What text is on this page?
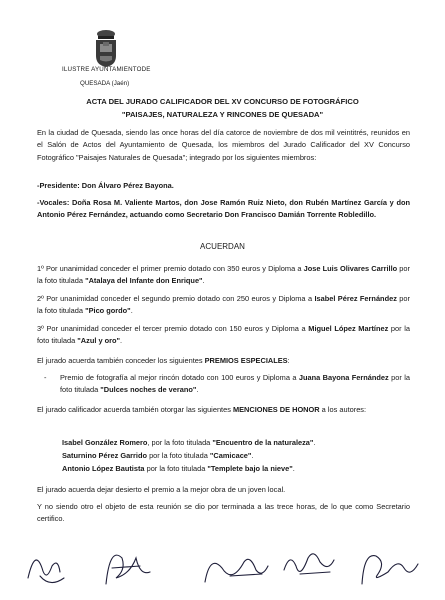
ILUSTRE AYUNTAMIENTODE
QUESADA (Jaén)
ACTA DEL JURADO CALIFICADOR DEL XV CONCURSO DE FOTOGRÁFICO
"PAISAJES, NATURALEZA Y RINCONES DE QUESADA"
En la ciudad de Quesada, siendo las once horas del día catorce de noviembre de dos mil veintitrés, reunidos en el Salón de Actos del Ayuntamiento de Quesada, los miembros del Jurado Calificador del XV Concurso Fotográfico "Paisajes Naturales de Quesada"; integrado por los siguientes miembros:
-Presidente: Don Álvaro Pérez Bayona.
-Vocales: Doña Rosa M. Valiente Martos, don Jose Ramón Ruiz Nieto, don Rubén Martínez García y don Antonio Pérez Fernández, actuando como Secretario Don Francisco Damián Torrente Robledillo.
ACUERDAN
1º Por unanimidad conceder el primer premio dotado con 350 euros y Diploma a Jose Luis Olivares Carrillo por la foto titulada "Atalaya del Infante don Enrique".
2º Por unanimidad conceder el segundo premio dotado con 250 euros y Diploma a Isabel Pérez Fernández por la foto titulada "Pico gordo".
3º Por unanimidad conceder el tercer premio dotado con 150 euros y Diploma a Miguel López Martínez por la foto titulada "Azul y oro".
El jurado acuerda también conceder los siguientes PREMIOS ESPECIALES:
- Premio de fotografía al mejor rincón dotado con 100 euros y Diploma a Juana Bayona Fernández por la foto titulada "Dulces noches de verano".
El jurado calificador acuerda también otorgar las siguientes MENCIONES DE HONOR a los autores:
Isabel González Romero, por la foto titulada "Encuentro de la naturaleza".
Saturnino Pérez Garrido por la foto titulada "Camicace".
Antonio López Bautista por la foto titulada "Templete bajo la nieve".
El jurado acuerda dejar desierto el premio a la mejor obra de un joven local.
Y no siendo otro el objeto de esta reunión se dio por terminada a las trece horas, de lo que como Secretario certifico.
